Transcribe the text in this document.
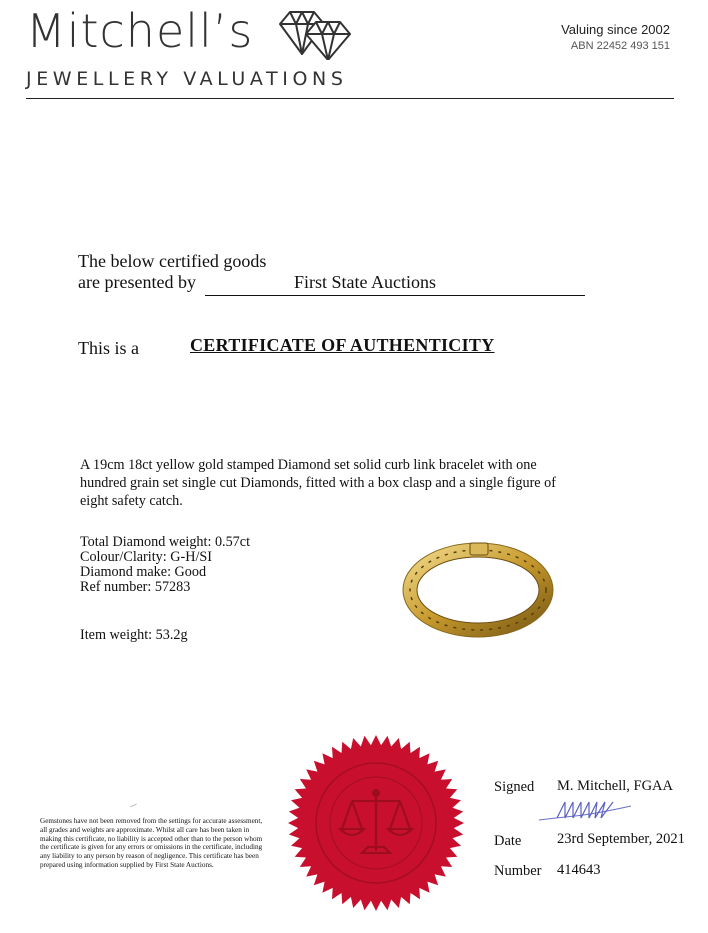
Mitchell’s
JEWELLERY VALUATIONS
Valuing since 2002
ABN 22452 493 151
The below certified goods
are presented by	First State Auctions
This is a	CERTIFICATE OF AUTHENTICITY
A 19cm 18ct yellow gold stamped Diamond set solid curb link bracelet with one hundred grain set single cut Diamonds, fitted with a box clasp and a single figure of eight safety catch.
Total Diamond weight: 0.57ct
Colour/Clarity: G-H/SI
Diamond make: Good
Ref number: 57283
Item weight: 53.2g
Gemstones have not been removed from the settings for accurate assessment, all grades and weights are approximate. Whilst all care has been taken in making this certificate, no liability is accepted other than to the person whom the certificate is given for any errors or omissions in the certificate, including any liability to any person by reason of negligence. This certificate has been prepared using information supplied by First State Auctions.
Signed M. Mitchell, FGAA
Date 23rd September, 2021
Number 414643
